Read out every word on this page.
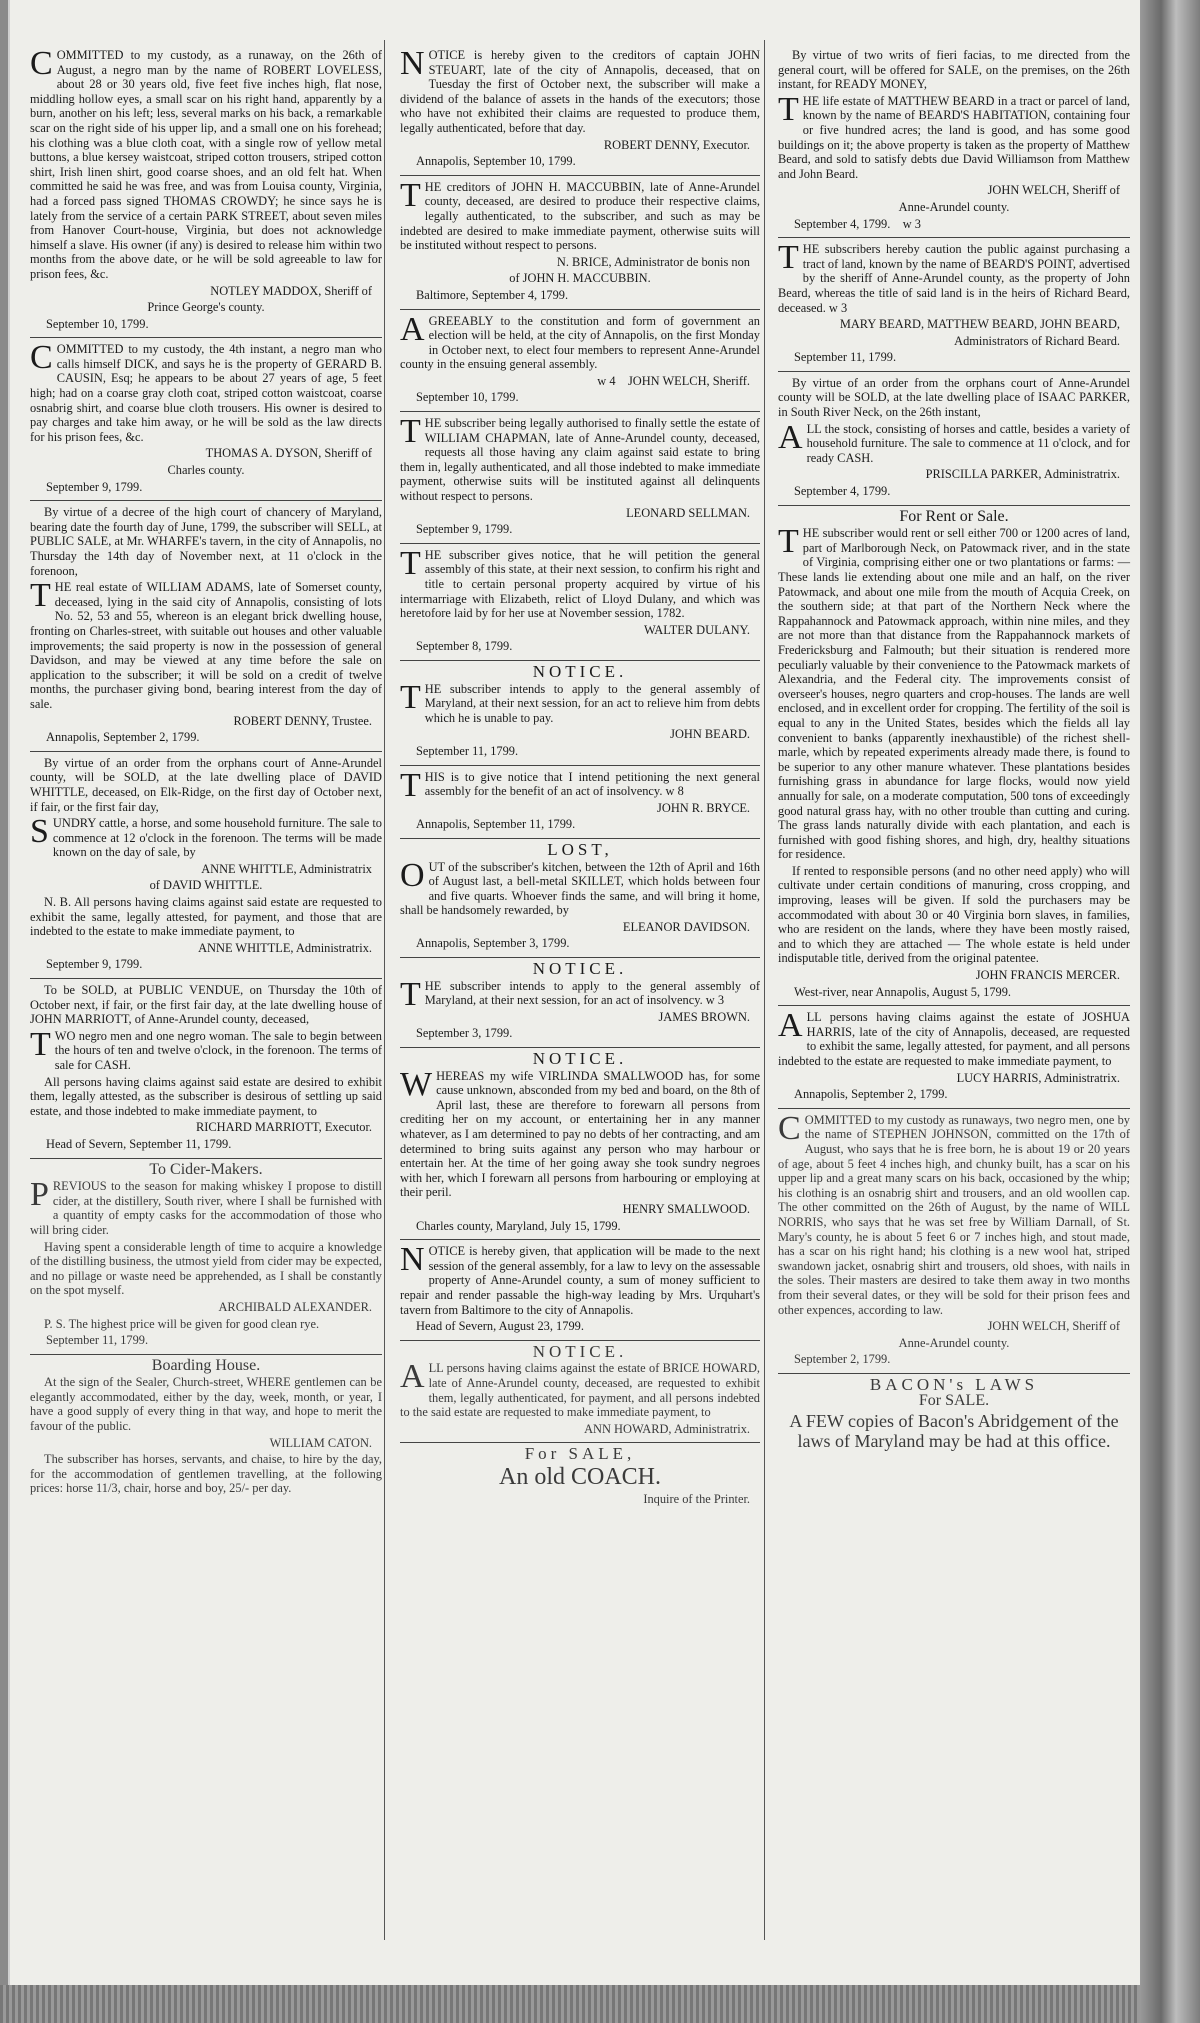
COMMITTED to my custody, as a runaway, on the 26th of August, a negro man by the name of ROBERT LOVELESS, about 28 or 30 years old, five feet five inches high, flat nose, middling hollow eyes, a small scar on his right hand, apparently by a burn, another on his left; less, several marks on his back, a remarkable scar on the right side of his upper lip, and a small one on his forehead; his clothing was a blue cloth coat, with a single row of yellow metal buttons, a blue kersey waistcoat, striped cotton trousers, striped cotton shirt, Irish linen shirt, good coarse shoes, and an old felt hat. When committed he said he was free, and was from Louisa county, Virginia, had a forced pass signed THOMAS CROWDY; he since says he is lately from the service of a certain PARK STREET, about seven miles from Hanover Court-house, Virginia, but does not acknowledge himself a slave. His owner (if any) is desired to release him within two months from the above date, or he will be sold agreeable to law for prison fees, &c.

NOTLEY MADDOX, Sheriff of

Prince George's county.

September 10, 1799.

COMMITTED to my custody, the 4th instant, a negro man who calls himself DICK, and says he is the property of GERARD B. CAUSIN, Esq; he appears to be about 27 years of age, 5 feet high; had on a coarse gray cloth coat, striped cotton waistcoat, coarse osnabrig shirt, and coarse blue cloth trousers. His owner is desired to pay charges and take him away, or he will be sold as the law directs for his prison fees, &c.

THOMAS A. DYSON, Sheriff of

Charles county.

September 9, 1799.

By virtue of a decree of the high court of chancery of Maryland, bearing date the fourth day of June, 1799, the subscriber will SELL, at PUBLIC SALE, at Mr. WHARFE's tavern, in the city of Annapolis, no Thursday the 14th day of November next, at 11 o'clock in the forenoon,

THE real estate of WILLIAM ADAMS, late of Somerset county, deceased, lying in the said city of Annapolis, consisting of lots No. 52, 53 and 55, whereon is an elegant brick dwelling house, fronting on Charles-street, with suitable out houses and other valuable improvements; the said property is now in the possession of general Davidson, and may be viewed at any time before the sale on application to the subscriber; it will be sold on a credit of twelve months, the purchaser giving bond, bearing interest from the day of sale.

ROBERT DENNY, Trustee.

Annapolis, September 2, 1799.

By virtue of an order from the orphans court of Anne-Arundel county, will be SOLD, at the late dwelling place of DAVID WHITTLE, deceased, on Elk-Ridge, on the first day of October next, if fair, or the first fair day,

SUNDRY cattle, a horse, and some household furniture. The sale to commence at 12 o'clock in the forenoon. The terms will be made known on the day of sale, by

ANNE WHITTLE, Administratrix

of DAVID WHITTLE.

N. B. All persons having claims against said estate are requested to exhibit the same, legally attested, for payment, and those that are indebted to the estate to make immediate payment, to

ANNE WHITTLE, Administratrix.

September 9, 1799.

To be SOLD, at PUBLIC VENDUE, on Thursday the 10th of October next, if fair, or the first fair day, at the late dwelling house of JOHN MARRIOTT, of Anne-Arundel county, deceased,

TWO negro men and one negro woman. The sale to begin between the hours of ten and twelve o'clock, in the forenoon. The terms of sale for CASH.

All persons having claims against said estate are desired to exhibit them, legally attested, as the subscriber is desirous of settling up said estate, and those indebted to make immediate payment, to

RICHARD MARRIOTT, Executor.

Head of Severn, September 11, 1799.

To Cider-Makers.

PREVIOUS to the season for making whiskey I propose to distill cider, at the distillery, South river, where I shall be furnished with a quantity of empty casks for the accommodation of those who will bring cider.

Having spent a considerable length of time to acquire a knowledge of the distilling business, the utmost yield from cider may be expected, and no pillage or waste need be apprehended, as I shall be constantly on the spot myself.

ARCHIBALD ALEXANDER.

P. S. The highest price will be given for good clean rye.

September 11, 1799.

Boarding House.

At the sign of the Sealer, Church-street, WHERE gentlemen can be elegantly accommodated, either by the day, week, month, or year, I have a good supply of every thing in that way, and hope to merit the favour of the public.

WILLIAM CATON.

The subscriber has horses, servants, and chaise, to hire by the day, for the accommodation of gentlemen travelling, at the following prices: horse 11/3, chair, horse and boy, 25/- per day.

NOTICE is hereby given to the creditors of captain JOHN STEUART, late of the city of Annapolis, deceased, that on Tuesday the first of October next, the subscriber will make a dividend of the balance of assets in the hands of the executors; those who have not exhibited their claims are requested to produce them, legally authenticated, before that day.

ROBERT DENNY, Executor.

Annapolis, September 10, 1799.

THE creditors of JOHN H. MACCUBBIN, late of Anne-Arundel county, deceased, are desired to produce their respective claims, legally authenticated, to the subscriber, and such as may be indebted are desired to make immediate payment, otherwise suits will be instituted without respect to persons.

N. BRICE, Administrator de bonis non

of JOHN H. MACCUBBIN.

Baltimore, September 4, 1799.

AGREEABLY to the constitution and form of government an election will be held, at the city of Annapolis, on the first Monday in October next, to elect four members to represent Anne-Arundel county in the ensuing general assembly.

w 4 JOHN WELCH, Sheriff.

September 10, 1799.

THE subscriber being legally authorised to finally settle the estate of WILLIAM CHAPMAN, late of Anne-Arundel county, deceased, requests all those having any claim against said estate to bring them in, legally authenticated, and all those indebted to make immediate payment, otherwise suits will be instituted against all delinquents without respect to persons.

LEONARD SELLMAN.

September 9, 1799.

THE subscriber gives notice, that he will petition the general assembly of this state, at their next session, to confirm his right and title to certain personal property acquired by virtue of his intermarriage with Elizabeth, relict of Lloyd Dulany, and which was heretofore laid by for her use at November session, 1782.

WALTER DULANY.

September 8, 1799.

NOTICE.

THE subscriber intends to apply to the general assembly of Maryland, at their next session, for an act to relieve him from debts which he is unable to pay.

JOHN BEARD.

September 11, 1799.

THIS is to give notice that I intend petitioning the next general assembly for the benefit of an act of insolvency. w 8

JOHN R. BRYCE.

Annapolis, September 11, 1799.

LOST,

OUT of the subscriber's kitchen, between the 12th of April and 16th of August last, a bell-metal SKILLET, which holds between four and five quarts. Whoever finds the same, and will bring it home, shall be handsomely rewarded, by

ELEANOR DAVIDSON.

Annapolis, September 3, 1799.

NOTICE.

THE subscriber intends to apply to the general assembly of Maryland, at their next session, for an act of insolvency. w 3

JAMES BROWN.

September 3, 1799.

NOTICE.

WHEREAS my wife VIRLINDA SMALLWOOD has, for some cause unknown, absconded from my bed and board, on the 8th of April last, these are therefore to forewarn all persons from crediting her on my account, or entertaining her in any manner whatever, as I am determined to pay no debts of her contracting, and am determined to bring suits against any person who may harbour or entertain her. At the time of her going away she took sundry negroes with her, which I forewarn all persons from harbouring or employing at their peril.

HENRY SMALLWOOD.

Charles county, Maryland, July 15, 1799.

NOTICE is hereby given, that application will be made to the next session of the general assembly, for a law to levy on the assessable property of Anne-Arundel county, a sum of money sufficient to repair and render passable the high-way leading by Mrs. Urquhart's tavern from Baltimore to the city of Annapolis.

Head of Severn, August 23, 1799.

NOTICE.

ALL persons having claims against the estate of BRICE HOWARD, late of Anne-Arundel county, deceased, are requested to exhibit them, legally authenticated, for payment, and all persons indebted to the said estate are requested to make immediate payment, to

ANN HOWARD, Administratrix.

For SALE,

An old COACH.

Inquire of the Printer.

By virtue of two writs of fieri facias, to me directed from the general court, will be offered for SALE, on the premises, on the 26th instant, for READY MONEY,

THE life estate of MATTHEW BEARD in a tract or parcel of land, known by the name of BEARD'S HABITATION, containing four or five hundred acres; the land is good, and has some good buildings on it; the above property is taken as the property of Matthew Beard, and sold to satisfy debts due David Williamson from Matthew and John Beard.

JOHN WELCH, Sheriff of

Anne-Arundel county.

September 4, 1799. w 3

THE subscribers hereby caution the public against purchasing a tract of land, known by the name of BEARD'S POINT, advertised by the sheriff of Anne-Arundel county, as the property of John Beard, whereas the title of said land is in the heirs of Richard Beard, deceased. w 3

MARY BEARD, MATTHEW BEARD, JOHN BEARD,

Administrators of Richard Beard.

September 11, 1799.

By virtue of an order from the orphans court of Anne-Arundel county will be SOLD, at the late dwelling place of ISAAC PARKER, in South River Neck, on the 26th instant,

ALL the stock, consisting of horses and cattle, besides a variety of household furniture. The sale to commence at 11 o'clock, and for ready CASH.

PRISCILLA PARKER, Administratrix.

September 4, 1799.

For Rent or Sale.

THE subscriber would rent or sell either 700 or 1200 acres of land, part of Marlborough Neck, on Patowmack river, and in the state of Virginia, comprising either one or two plantations or farms: — These lands lie extending about one mile and an half, on the river Patowmack, and about one mile from the mouth of Acquia Creek, on the southern side; at that part of the Northern Neck where the Rappahannock and Patowmack approach, within nine miles, and they are not more than that distance from the Rappahannock markets of Fredericksburg and Falmouth; but their situation is rendered more peculiarly valuable by their convenience to the Patowmack markets of Alexandria, and the Federal city. The improvements consist of overseer's houses, negro quarters and crop-houses. The lands are well enclosed, and in excellent order for cropping. The fertility of the soil is equal to any in the United States, besides which the fields all lay convenient to banks (apparently inexhaustible) of the richest shell-marle, which by repeated experiments already made there, is found to be superior to any other manure whatever. These plantations besides furnishing grass in abundance for large flocks, would now yield annually for sale, on a moderate computation, 500 tons of exceedingly good natural grass hay, with no other trouble than cutting and curing. The grass lands naturally divide with each plantation, and each is furnished with good fishing shores, and high, dry, healthy situations for residence.

If rented to responsible persons (and no other need apply) who will cultivate under certain conditions of manuring, cross cropping, and improving, leases will be given. If sold the purchasers may be accommodated with about 30 or 40 Virginia born slaves, in families, who are resident on the lands, where they have been mostly raised, and to which they are attached — The whole estate is held under indisputable title, derived from the original patentee.

JOHN FRANCIS MERCER.

West-river, near Annapolis, August 5, 1799.

ALL persons having claims against the estate of JOSHUA HARRIS, late of the city of Annapolis, deceased, are requested to exhibit the same, legally attested, for payment, and all persons indebted to the estate are requested to make immediate payment, to

LUCY HARRIS, Administratrix.

Annapolis, September 2, 1799.

COMMITTED to my custody as runaways, two negro men, one by the name of STEPHEN JOHNSON, committed on the 17th of August, who says that he is free born, he is about 19 or 20 years of age, about 5 feet 4 inches high, and chunky built, has a scar on his upper lip and a great many scars on his back, occasioned by the whip; his clothing is an osnabrig shirt and trousers, and an old woollen cap. The other committed on the 26th of August, by the name of WILL NORRIS, who says that he was set free by William Darnall, of St. Mary's county, he is about 5 feet 6 or 7 inches high, and stout made, has a scar on his right hand; his clothing is a new wool hat, striped swandown jacket, osnabrig shirt and trousers, old shoes, with nails in the soles. Their masters are desired to take them away in two months from their several dates, or they will be sold for their prison fees and other expences, according to law.

JOHN WELCH, Sheriff of

Anne-Arundel county.

September 2, 1799.

BACON's LAWS

For SALE.

A FEW copies of Bacon's Abridgement of the laws of Maryland may be had at this office.
